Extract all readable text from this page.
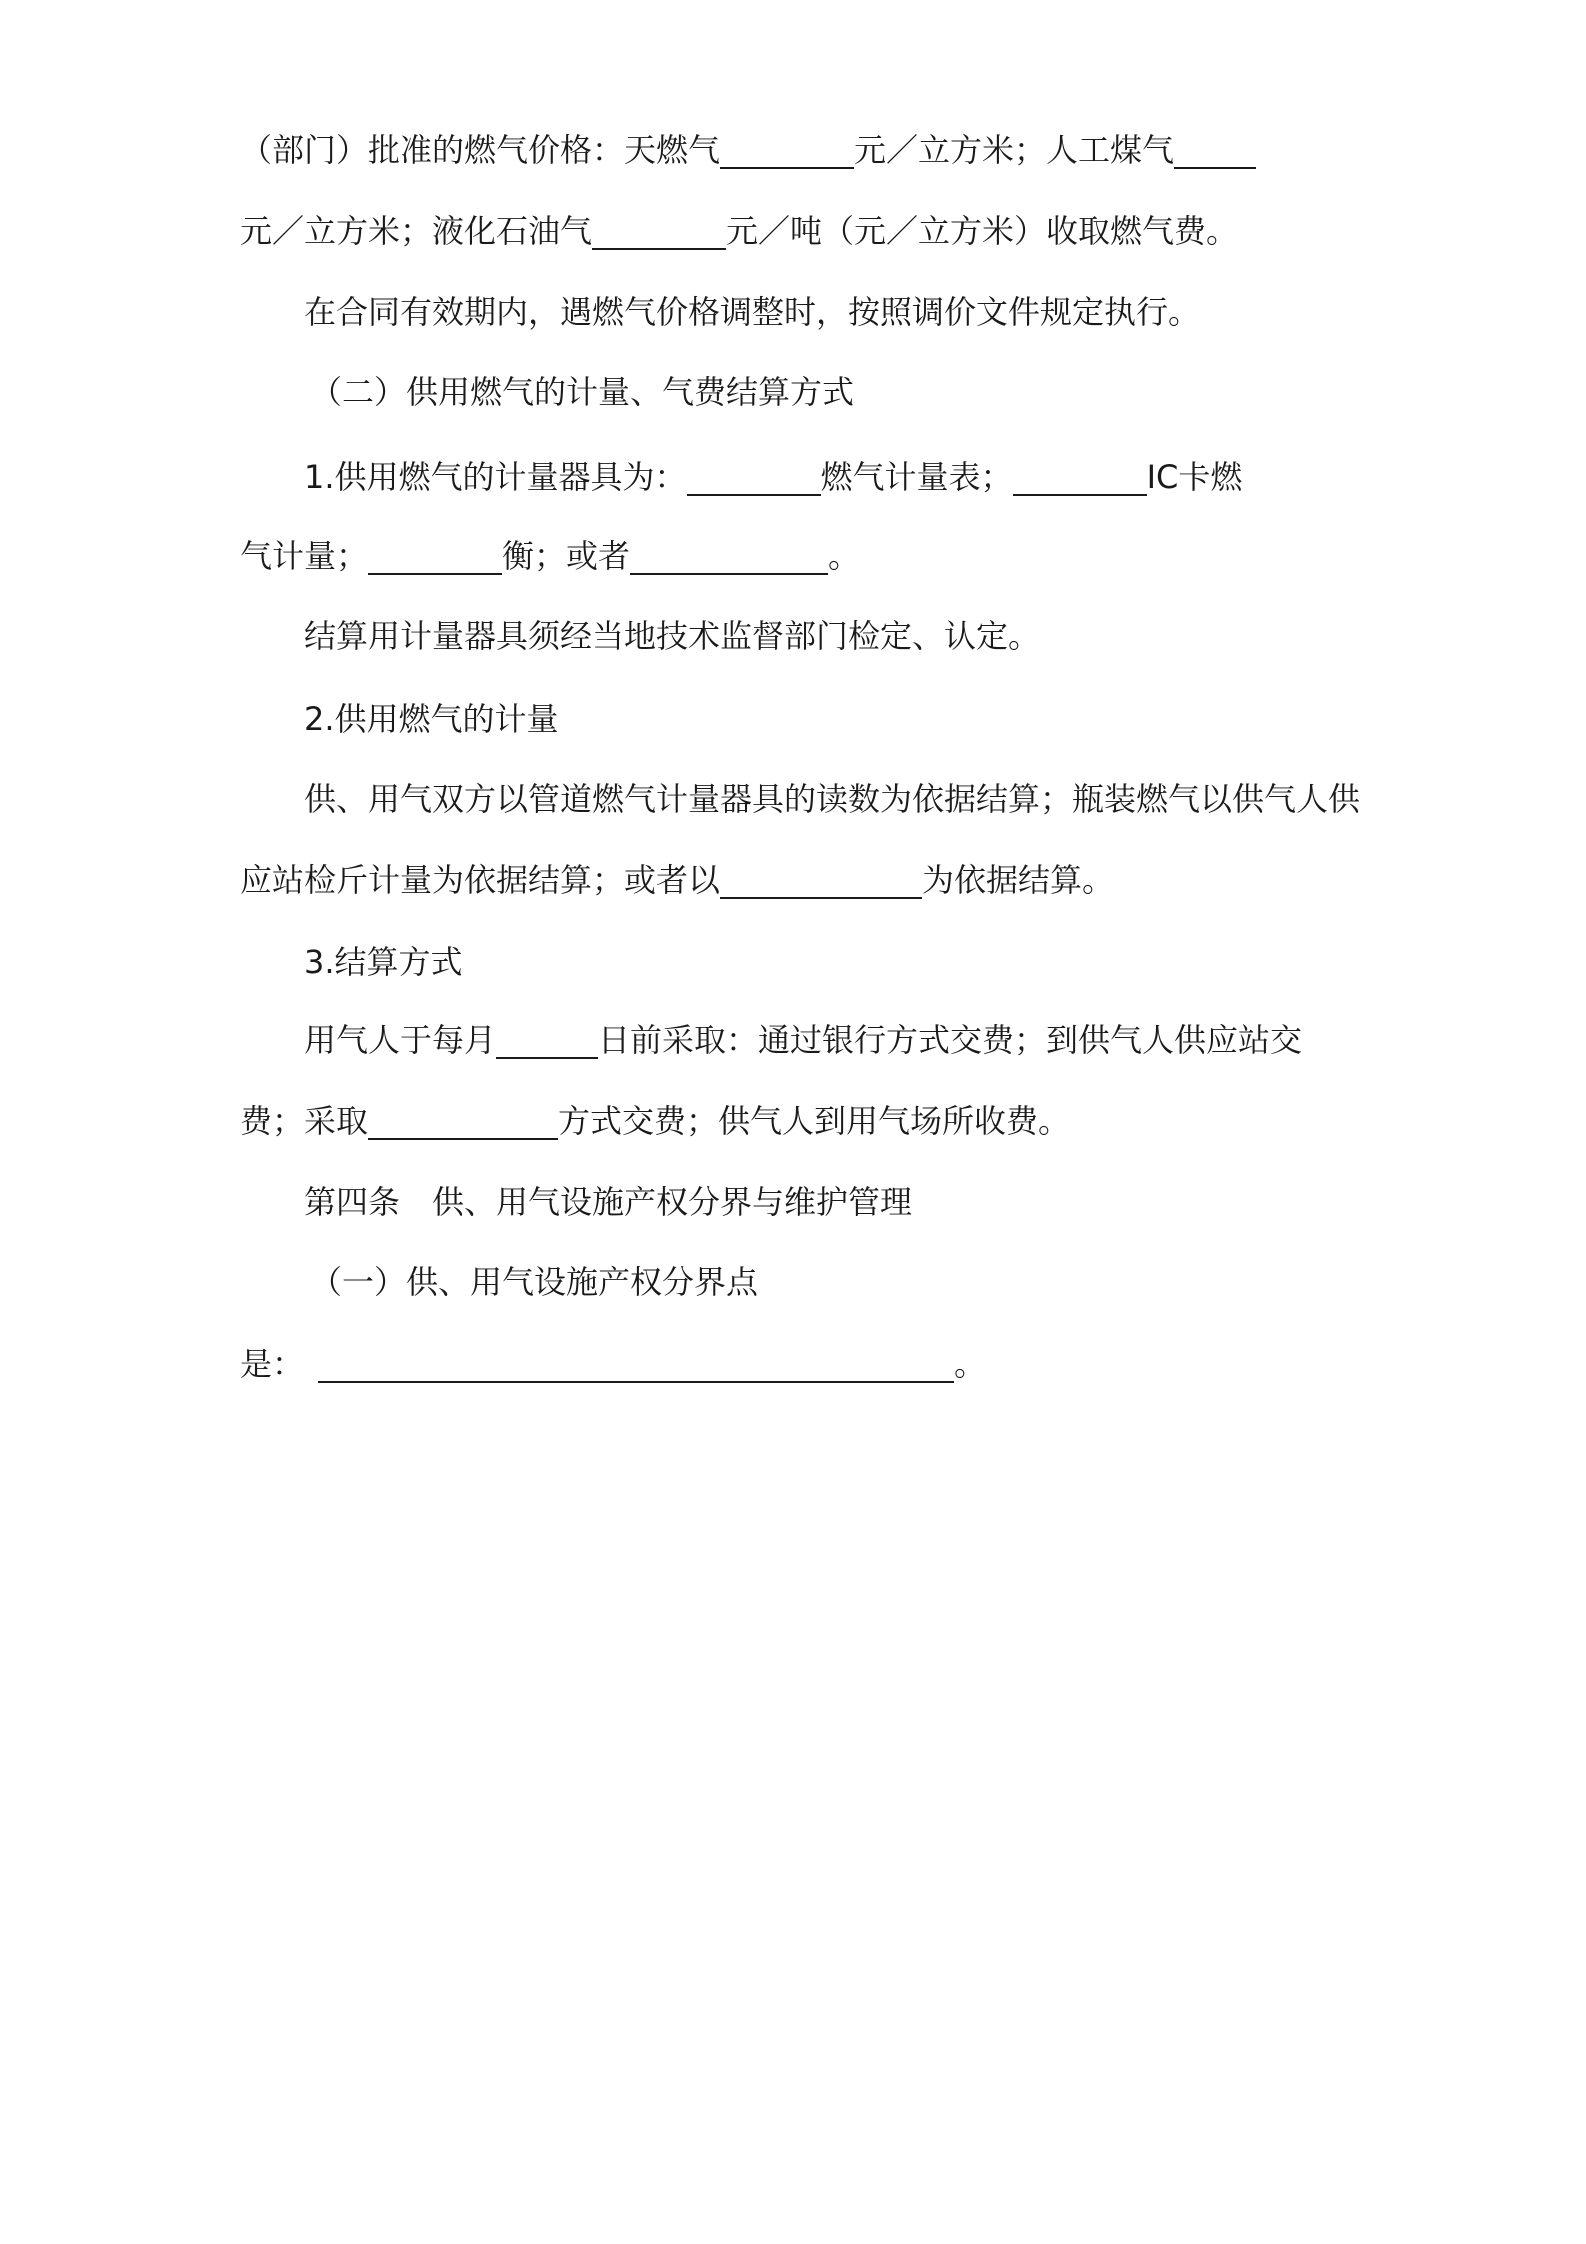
（部门）批准的燃气价格：天燃气	元／立方米；人工煤气
元／立方米；液化石油气	元／吨（元／立方米）收取燃气费。
在合同有效期内，遇燃气价格调整时，按照调价文件规定执行。
（二）供用燃气的计量、气费结算方式
1.供用燃气的计量器具为：	燃气计量表；	IC卡燃
气计量；	衡；或者	。
结算用计量器具须经当地技术监督部门检定、认定。
2.供用燃气的计量
供、用气双方以管道燃气计量器具的读数为依据结算；瓶装燃气以供气人供
应站检斤计量为依据结算；或者以	为依据结算。
3.结算方式
用气人于每月	日前采取：通过银行方式交费；到供气人供应站交
费；采取	方式交费；供气人到用气场所收费。
第四条　供、用气设施产权分界与维护管理
（一）供、用气设施产权分界点
是：	。
